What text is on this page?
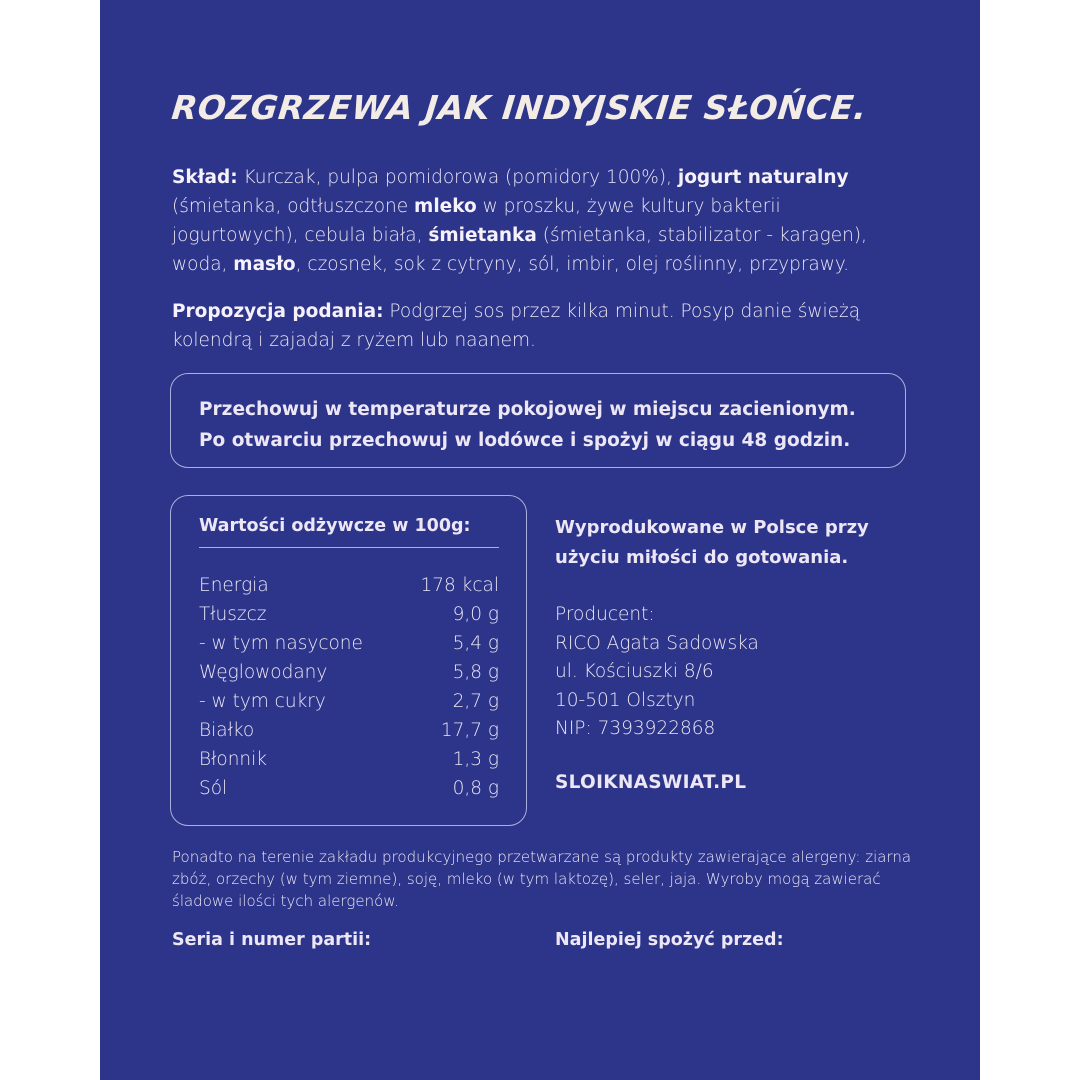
ROZGRZEWA JAK INDYJSKIE SŁOŃCE.

Skład: Kurczak, pulpa pomidorowa (pomidory 100%), jogurt naturalny (śmietanka, odtłuszczone mleko w proszku, żywe kultury bakterii jogurtowych), cebula biała, śmietanka (śmietanka, stabilizator - karagen), woda, masło, czosnek, sok z cytryny, sól, imbir, olej roślinny, przyprawy.

Propozycja podania: Podgrzej sos przez kilka minut. Posyp danie świeżą kolendrą i zajadaj z ryżem lub naanem.

Przechowuj w temperaturze pokojowej w miejscu zacienionym.

Po otwarciu przechowuj w lodówce i spożyj w ciągu 48 godzin.

Wartości odżywcze w 100g:

Energia	178 kcal
Tłuszcz	9,0 g
- w tym nasycone	5,4 g
Węglowodany	5,8 g
- w tym cukry	2,7 g
Białko	17,7 g
Błonnik	1,3 g
Sól	0,8 g

Wyprodukowane w Polsce przy
użyciu miłości do gotowania.

Producent:
RICO Agata Sadowska
ul. Kościuszki 8/6
10-501 Olsztyn
NIP: 7393922868
SLOIKNASWIAT.PL

Ponadto na terenie zakładu produkcyjnego przetwarzane są produkty zawierające alergeny: ziarna zbóż, orzechy (w tym ziemne), soję, mleko (w tym laktozę), seler, jaja. Wyroby mogą zawierać śladowe ilości tych alergenów.

Seria i numer partii:	Najlepiej spożyć przed:
